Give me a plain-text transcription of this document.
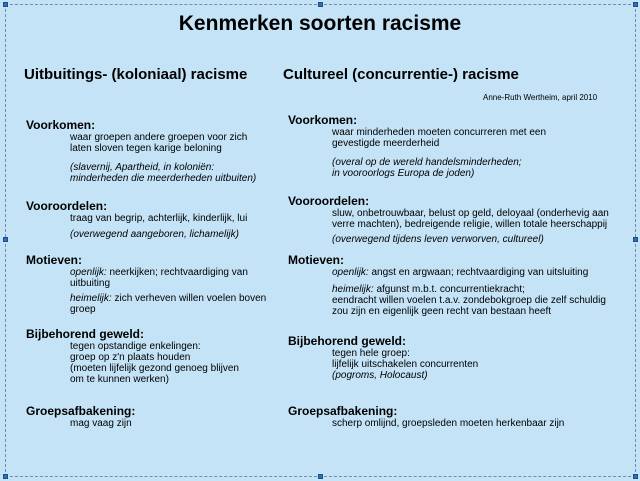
Kenmerken soorten racisme
Uitbuitings- (koloniaal) racisme Cultureel (concurrentie-) racisme
Anne-Ruth Wertheim, april 2010
Voorkomen:

waar groepen andere groepen voor zich

laten sloven tegen karige beloning

(slavernij, Apartheid, in koloniën:

minderheden die meerderheden uitbuiten)

Vooroordelen:

traag van begrip, achterlijk, kinderlijk, lui

(overwegend aangeboren, lichamelijk)

Motieven:

openlijk: neerkijken; rechtvaardiging van

uitbuiting

heimelijk: zich verheven willen voelen boven

groep

Bijbehorend geweld:

tegen opstandige enkelingen:

groep op z'n plaats houden

(moeten lijfelijk gezond genoeg blijven

om te kunnen werken)

Groepsafbakening:

mag vaag zijn

Voorkomen:

waar minderheden moeten concurreren met een

gevestigde meerderheid

(overal op de wereld handelsminderheden;

in vooroorlogs Europa de joden)

Vooroordelen:

sluw, onbetrouwbaar, belust op geld, deloyaal (onderhevig aan

verre machten), bedreigende religie, willen totale heerschappij

(overwegend tijdens leven verworven, cultureel)

Motieven:

openlijk: angst en argwaan; rechtvaardiging van uitsluiting

heimelijk: afgunst m.b.t. concurrentiekracht;

eendracht willen voelen t.a.v. zondebokgroep die zelf schuldig

zou zijn en eigenlijk geen recht van bestaan heeft

Bijbehorend geweld:

tegen hele groep:

lijfelijk uitschakelen concurrenten

(pogroms, Holocaust)

Groepsafbakening:

scherp omlijnd, groepsleden moeten herkenbaar zijn
